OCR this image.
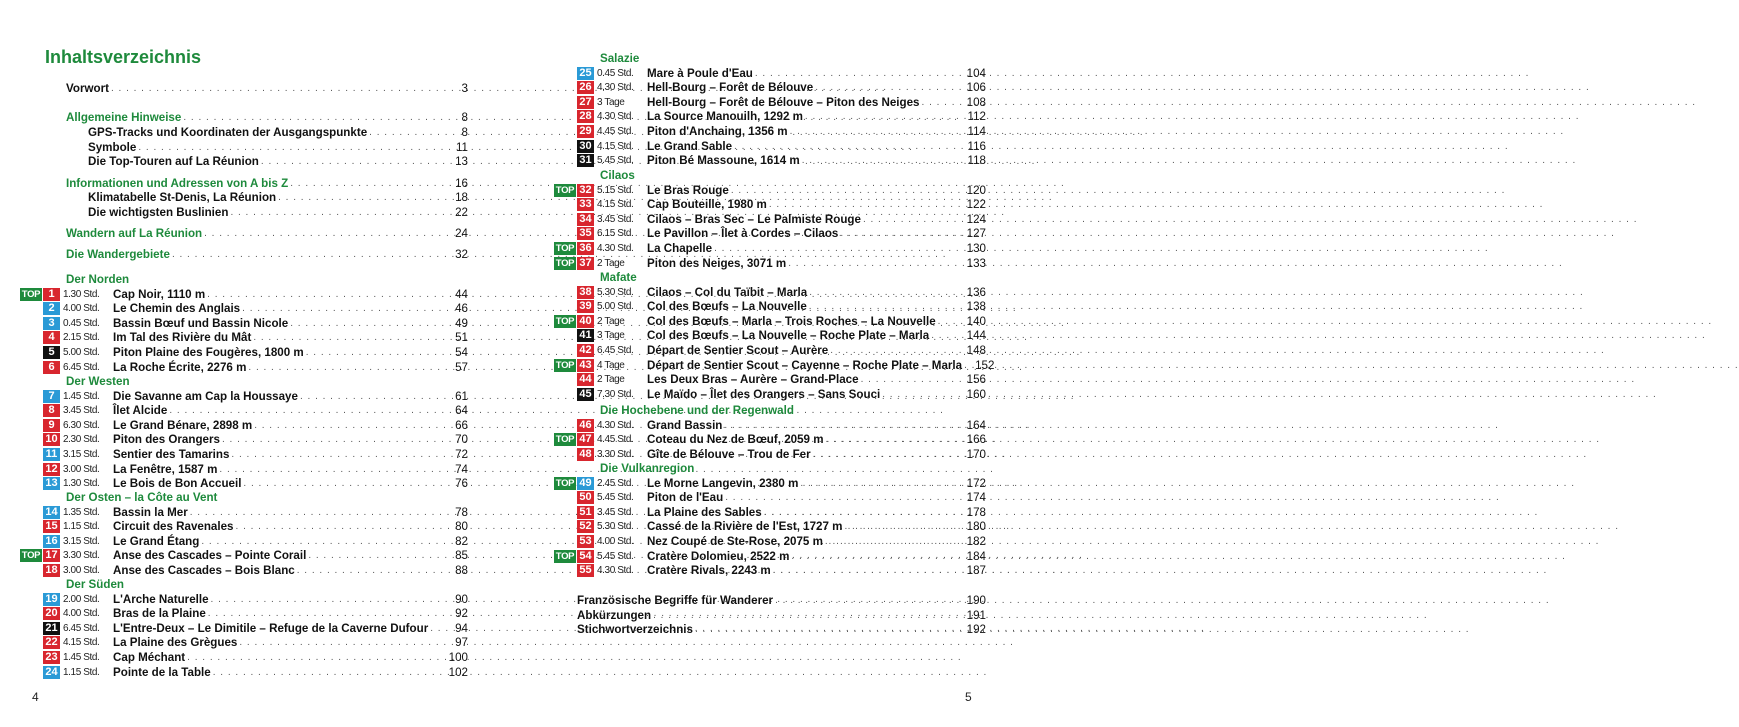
Inhaltsverzeichnis
Vorwort . . .	3
Allgemeine Hinweise . . .	8
GPS-Tracks und Koordinaten der Ausgangspunkte . . .	8
Symbole . . .	11
Die Top-Touren auf La Réunion . . .	13
Informationen und Adressen von A bis Z . . .	16
Klimatabelle St-Denis, La Réunion . . .	18
Die wichtigsten Buslinien . . .	22
Wandern auf La Réunion . . .	24
Die Wandergebiete . . .	32
Der Norden
TOP 1 1.30 Std.	Cap Noir, 1110 m . . .	44
2 4.00 Std.	Le Chemin des Anglais . . .	46
3 0.45 Std.	Bassin Bœuf und Bassin Nicole . . .	49
4 2.15 Std.	Im Tal des Rivière du Mât . . .	51
5 5.00 Std.	Piton Plaine des Fougères, 1800 m . . .	54
6 6.45 Std.	La Roche Écrite, 2276 m . . .	57
Der Westen
7 1.45 Std.	Die Savanne am Cap la Houssaye . . .	61
8 3.45 Std.	Îlet Alcide . . .	64
9 6.30 Std.	Le Grand Bénare, 2898 m . . .	66
10 2.30 Std.	Piton des Orangers . . .	70
11 3.15 Std.	Sentier des Tamarins . . .	72
12 3.00 Std.	La Fenêtre, 1587 m . . .	74
13 1.30 Std.	Le Bois de Bon Accueil . . .	76
Der Osten – la Côte au Vent
14 1.35 Std.	Bassin la Mer . . .	78
15 1.15 Std.	Circuit des Ravenales . . .	80
16 3.15 Std.	Le Grand Étang . . .	82
TOP 17 3.30 Std.	Anse des Cascades – Pointe Corail . . .	85
18 3.00 Std.	Anse des Cascades – Bois Blanc . . .	88
Der Süden
19 2.00 Std.	L'Arche Naturelle . . .	90
20 4.00 Std.	Bras de la Plaine . . .	92
21 6.45 Std.	L'Entre-Deux – Le Dimitile – Refuge de la Caverne Dufour . . . 94
22 4.15 Std.	La Plaine des Grègues . . .	97
23 1.45 Std.	Cap Méchant . . .	100
24 1.15 Std.	Pointe de la Table . . .	102
4
Salazie
25 0.45 Std.	Mare à Poule d'Eau . . .	104
26 4.30 Std.	Hell-Bourg – Forêt de Bélouve . . .	106
27 3 Tage	Hell-Bourg – Forêt de Bélouve – Piton des Neiges . . .	108
28 4.30 Std.	La Source Manouilh, 1292 m . . .	112
29 4.45 Std.	Piton d'Anchaing, 1356 m . . .	114
30 4.15 Std.	Le Grand Sable . . .	116
31 5.45 Std.	Piton Bé Massoune, 1614 m . . .	118
Cilaos
TOP 32 5.15 Std.	Le Bras Rouge . . .	120
33 4.15 Std.	Cap Bouteille, 1980 m . . .	122
34 3.45 Std.	Cilaos – Bras Sec – Le Palmiste Rouge . . .	124
35 6.15 Std.	Le Pavillon – Îlet à Cordes – Cilaos . . .	127
TOP 36 4.30 Std.	La Chapelle . . .	130
TOP 37 2 Tage	Piton des Neiges, 3071 m . . .	133
Mafate
38 5.30 Std.	Cilaos – Col du Taïbit – Marla . . .	136
39 5.00 Std.	Col des Bœufs – La Nouvelle . . .	138
TOP 40 2 Tage	Col des Bœufs – Marla – Trois Roches – La Nouvelle . . .	140
41 3 Tage	Col des Bœufs – La Nouvelle – Roche Plate – Marla . . .	144
42 6.45 Std.	Départ de Sentier Scout – Aurère . . .	148
TOP 43 4 Tage	Départ de Sentier Scout – Cayenne – Roche Plate – Marla . . . 152
44 2 Tage	Les Deux Bras – Aurère – Grand-Place . . .	156
45 7.30 Std.	Le Maïdo – Îlet des Orangers – Sans Souci . . .	160
Die Hochebene und der Regenwald
46 4.30 Std.	Grand Bassin . . .	164
TOP 47 4.45 Std.	Coteau du Nez de Bœuf, 2059 m . . .	166
48 3.30 Std.	Gîte de Bélouve – Trou de Fer . . .	170
Die Vulkanregion
TOP 49 2.45 Std.	Le Morne Langevin, 2380 m . . .	172
50 5.45 Std.	Piton de l'Eau . . .	174
51 3.45 Std.	La Plaine des Sables . . .	178
52 5.30 Std.	Cassé de la Rivière de l'Est, 1727 m . . .	180
53 4.00 Std.	Nez Coupé de Ste-Rose, 2075 m . . .	182
TOP 54 5.45 Std.	Cratère Dolomieu, 2522 m . . .	184
55 4.30 Std.	Cratère Rivals, 2243 m . . .	187
Französische Begriffe für Wanderer . . .	190
Abkürzungen . . .	191
Stichwortverzeichnis . . .	192
5
